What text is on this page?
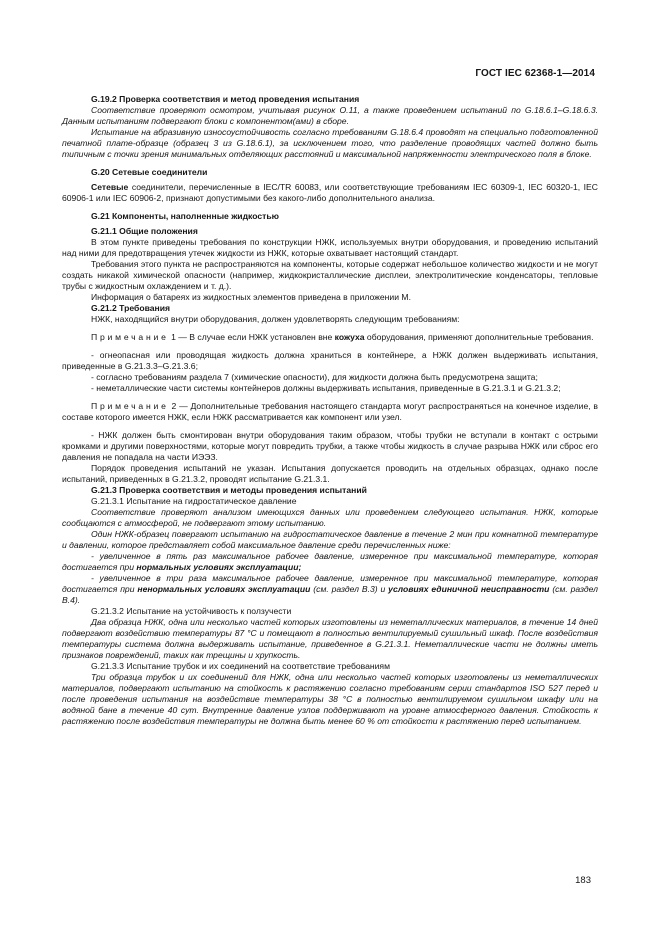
ГОСТ IEC 62368-1—2014
G.19.2 Проверка соответствия и метод проведения испытания

Соответствие проверяют осмотром, учитывая рисунок О.11, а также проведением испытаний по G.18.6.1–G.18.6.3. Данным испытаниям подвергают блоки с компонентом(ами) в сборе.

Испытание на абразивную износоустойчивость согласно требованиям G.18.6.4 проводят на специально подготовленной печатной плате-образце (образец 3 из G.18.6.1), за исключением того, что разделение проводящих частей должно быть типичным с точки зрения минимальных отделяющих расстояний и максимальной напряженности электрического поля в блоке.

G.20 Сетевые соединители

Сетевые соединители, перечисленные в IEC/TR 60083, или соответствующие требованиям IEC 60309-1, IEC 60320-1, IEC 60906-1 или IEC 60906-2, признают допустимыми без какого-либо дополнительного анализа.

G.21 Компоненты, наполненные жидкостью
G.21.1 Общие положения

В этом пункте приведены требования по конструкции НЖК, используемых внутри оборудования, и проведению испытаний над ними для предотвращения утечек жидкости из НЖК, которые охватывает настоящий стандарт.

Требования этого пункта не распространяются на компоненты, которые содержат небольшое количество жидкости и не могут создать никакой химической опасности (например, жидкокристаллические дисплеи, электролитические конденсаторы, тепловые трубы с жидкостным охлаждением и т. д.).

Информация о батареях из жидкостных элементов приведена в приложении М.

G.21.2 Требования

НЖК, находящийся внутри оборудования, должен удовлетворять следующим требованиям:

Примечание 1 — В случае если НЖК установлен вне кожуха оборудования, применяют дополнительные требования.

- огнеопасная или проводящая жидкость должна храниться в контейнере, а НЖК должен выдерживать испытания, приведенные в G.21.3.3–G.21.3.6;

- согласно требованиям раздела 7 (химические опасности), для жидкости должна быть предусмотрена защита;

- неметаллические части системы контейнеров должны выдерживать испытания, приведенные в G.21.3.1 и G.21.3.2;

Примечание 2 — Дополнительные требования настоящего стандарта могут распространяться на конечное изделие, в составе которого имеется НЖК, если НЖК рассматривается как компонент или узел.

- НЖК должен быть смонтирован внутри оборудования таким образом, чтобы трубки не вступали в контакт с острыми кромками и другими поверхностями, которые могут повредить трубки, а также чтобы жидкость в случае разрыва НЖК или сброс его давления не попадала на части ИЭЭЗ.

Порядок проведения испытаний не указан. Испытания допускается проводить на отдельных образцах, однако после испытаний, приведенных в G.21.3.2, проводят испытание G.21.3.1.

G.21.3 Проверка соответствия и методы проведения испытаний
G.21.3.1 Испытание на гидростатическое давление

Соответствие проверяют анализом имеющихся данных или проведением следующего испытания. НЖК, которые сообщаются с атмосферой, не подвергают этому испытанию.

Один НЖК-образец повергают испытанию на гидростатическое давление в течение 2 мин при комнатной температуре и давлении, которое представляет собой максимальное давление среди перечисленных ниже:

- увеличенное в пять раз максимальное рабочее давление, измеренное при максимальной температуре, которая достигается при нормальных условиях эксплуатации;

- увеличенное в три раза максимальное рабочее давление, измеренное при максимальной температуре, которая достигается при ненормальных условиях эксплуатации (см. раздел B.3) и условиях единичной неисправности (см. раздел B.4).

G.21.3.2 Испытание на устойчивость к ползучести

Два образца НЖК, одна или несколько частей которых изготовлены из неметаллических материалов, в течение 14 дней подвергают воздействию температуры 87 °С и помещают в полностью вентилируемый сушильный шкаф. После воздействия температуры система должна выдерживать испытание, приведенное в G.21.3.1. Неметаллические части не должны иметь признаков повреждений, таких как трещины и хрупкость.

G.21.3.3 Испытание трубок и их соединений на соответствие требованиям

Три образца трубок и их соединений для НЖК, одна или несколько частей которых изготовлены из неметаллических материалов, подвергают испытанию на стойкость к растяжению согласно требованиям серии стандартов ISO 527 перед и после проведения испытания на воздействие температуры 38 °С в полностью вентилируемом сушильном шкафу или на водяной бане в течение 40 сут. Внутренние давление узлов поддерживают на уровне атмосферного давления. Стойкость к растяжению после воздействия температуры не должна быть менее 60 % от стойкости к растяжению перед испытанием.

183
